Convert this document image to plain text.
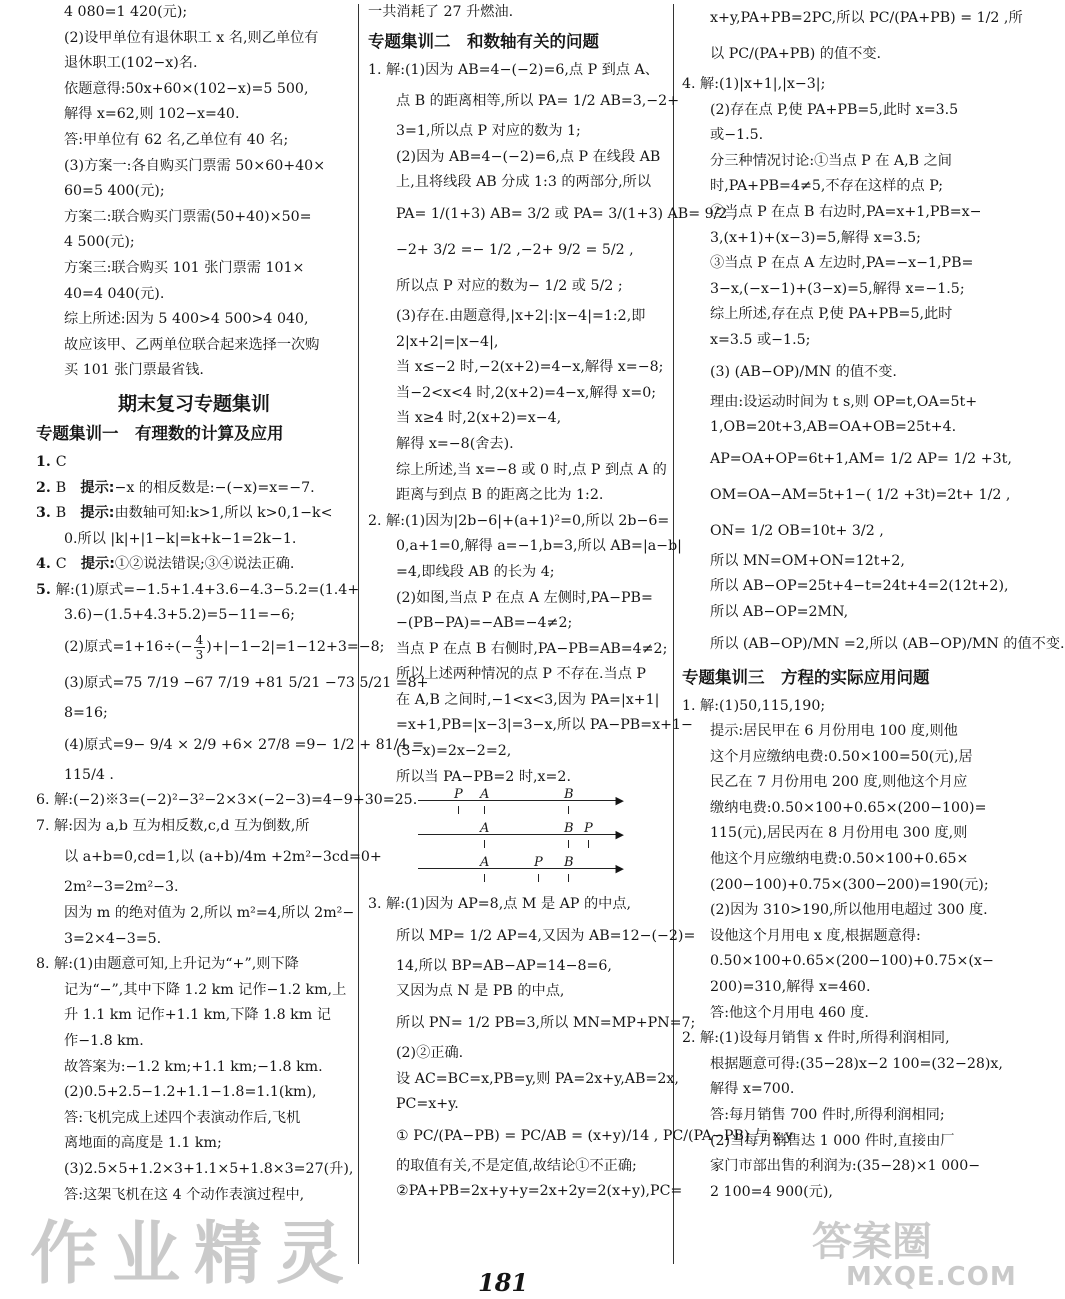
4 080=1 420(元);
(2)设甲单位有退休职工 x 名,则乙单位有
退休职工(102−x)名.
依题意得:50x+60×(102−x)=5 500,
解得 x=62,则 102−x=40.
答:甲单位有 62 名,乙单位有 40 名;
(3)方案一:各自购买门票需 50×60+40×
60=5 400(元);
方案二:联合购买门票需(50+40)×50=
4 500(元);
方案三:联合购买 101 张门票需 101×
40=4 040(元).
综上所述:因为 5 400>4 500>4 040,
故应该甲、乙两单位联合起来选择一次购
买 101 张门票最省钱.
期末复习专题集训
专题集训一　有理数的计算及应用
1. C
2. B　提示:−x 的相反数是:−(−x)=x=−7.
3. B　提示:由数轴可知:k>1,所以 k>0,1−k<
0.所以 |k|+|1−k|=k+k−1=2k−1.
4. C　提示:①②说法错误;③④说法正确.
5. 解:(1)原式=−1.5+1.4+3.6−4.3−5.2=(1.4+
3.6)−(1.5+4.3+5.2)=5−11=−6;
(2)原式$=1+16\div(- \frac{4}{3} )+|-1-2|=1-12+3=-8$;
(3)原式=75 7/19 −67 7/19 +81 5/21 −73 5/21 =8+
8=16;
(4)原式=9− 9/4 × 2/9 +6× 27/8 =9− 1/2 + 81/4 =
115/4 .
6. 解:(−2)※3=(−2)²−3²−2×3×(−2−3)=4−9+30=25.
7. 解:因为 a,b 互为相反数,c,d 互为倒数,所
以 a+b=0,cd=1,以 (a+b)/4m +2m²−3cd=0+
2m²−3=2m²−3.
因为 m 的绝对值为 2,所以 m²=4,所以 2m²−
3=2×4−3=5.
8. 解:(1)由题意可知,上升记为“+”,则下降
记为“−”,其中下降 1.2 km 记作−1.2 km,上
升 1.1 km 记作+1.1 km,下降 1.8 km 记
作−1.8 km.
故答案为:−1.2 km;+1.1 km;−1.8 km.
(2)0.5+2.5−1.2+1.1−1.8=1.1(km),
答:飞机完成上述四个表演动作后,飞机
离地面的高度是 1.1 km;
(3)2.5×5+1.2×3+1.1×5+1.8×3=27(升),
答:这架飞机在这 4 个动作表演过程中,
一共消耗了 27 升燃油.
专题集训二　和数轴有关的问题
1. 解:(1)因为 AB=4−(−2)=6,点 P 到点 A、
点 B 的距离相等,所以 PA= 1/2 AB=3,−2+
3=1,所以点 P 对应的数为 1;
(2)因为 AB=4−(−2)=6,点 P 在线段 AB
上,且将线段 AB 分成 1:3 的两部分,所以
PA= 1/(1+3) AB= 3/2 或 PA= 3/(1+3) AB= 9/2 ,
−2+ 3/2 =− 1/2 ,−2+ 9/2 = 5/2 ,
所以点 P 对应的数为− 1/2 或 5/2 ;
(3)存在.由题意得,|x+2|:|x−4|=1:2,即
2|x+2|=|x−4|,
当 x≤−2 时,−2(x+2)=4−x,解得 x=−8;
当−2<x<4 时,2(x+2)=4−x,解得 x=0;
当 x≥4 时,2(x+2)=x−4,
解得 x=−8(舍去).
综上所述,当 x=−8 或 0 时,点 P 到点 A 的
距离与到点 B 的距离之比为 1:2.
2. 解:(1)因为|2b−6|+(a+1)²=0,所以 2b−6=
0,a+1=0,解得 a=−1,b=3,所以 AB=|a−b|
=4,即线段 AB 的长为 4;
(2)如图,当点 P 在点 A 左侧时,PA−PB=
−(PB−PA)=−AB=−4≠2;
当点 P 在点 B 右侧时,PA−PB=AB=4≠2;
所以上述两种情况的点 P 不存在.当点 P
在 A,B 之间时,−1<x<3,因为 PA=|x+1|
=x+1,PB=|x−3|=3−x,所以 PA−PB=x+1−
(3−x)=2x−2=2,
所以当 PA−PB=2 时,x=2.
▶
P A	B
▶
A	B P
▶
A	P B
3. 解:(1)因为 AP=8,点 M 是 AP 的中点,
所以 MP= 1/2 AP=4,又因为 AB=12−(−2)=
14,所以 BP=AB−AP=14−8=6,
又因为点 N 是 PB 的中点,
所以 PN= 1/2 PB=3,所以 MN=MP+PN=7;
(2)②正确.
设 AC=BC=x,PB=y,则 PA=2x+y,AB=2x,
PC=x+y.
① PC/(PA−PB) = PC/AB = (x+y)/14 , PC/(PA−PB) 与 x,y
的取值有关,不是定值,故结论①不正确;
②PA+PB=2x+y+y=2x+2y=2(x+y),PC=
x+y,PA+PB=2PC,所以 PC/(PA+PB) = 1/2 ,所
以 PC/(PA+PB) 的值不变.
4. 解:(1)|x+1|,|x−3|;
(2)存在点 P,使 PA+PB=5,此时 x=3.5
或−1.5.
分三种情况讨论:①当点 P 在 A,B 之间
时,PA+PB=4≠5,不存在这样的点 P;
②当点 P 在点 B 右边时,PA=x+1,PB=x−
3,(x+1)+(x−3)=5,解得 x=3.5;
③当点 P 在点 A 左边时,PA=−x−1,PB=
3−x,(−x−1)+(3−x)=5,解得 x=−1.5;
综上所述,存在点 P,使 PA+PB=5,此时
x=3.5 或−1.5;
(3) (AB−OP)/MN 的值不变.
理由:设运动时间为 t s,则 OP=t,OA=5t+
1,OB=20t+3,AB=OA+OB=25t+4.
AP=OA+OP=6t+1,AM= 1/2 AP= 1/2 +3t,
OM=OA−AM=5t+1−( 1/2 +3t)=2t+ 1/2 ,
ON= 1/2 OB=10t+ 3/2 ,
所以 MN=OM+ON=12t+2,
所以 AB−OP=25t+4−t=24t+4=2(12t+2),
所以 AB−OP=2MN,
所以 (AB−OP)/MN =2,所以 (AB−OP)/MN 的值不变.
专题集训三　方程的实际应用问题
1. 解:(1)50,115,190;
提示:居民甲在 6 月份用电 100 度,则他
这个月应缴纳电费:0.50×100=50(元),居
民乙在 7 月份用电 200 度,则他这个月应
缴纳电费:0.50×100+0.65×(200−100)=
115(元),居民丙在 8 月份用电 300 度,则
他这个月应缴纳电费:0.50×100+0.65×
(200−100)+0.75×(300−200)=190(元);
(2)因为 310>190,所以他用电超过 300 度.
设他这个月用电 x 度,根据题意得:
0.50×100+0.65×(200−100)+0.75×(x−
200)=310,解得 x=460.
答:他这个月用电 460 度.
2. 解:(1)设每月销售 x 件时,所得利润相同,
根据题意可得:(35−28)x−2 100=(32−28)x,
解得 x=700.
答:每月销售 700 件时,所得利润相同;
(2)当每月销售达 1 000 件时,直接由厂
家门市部出售的利润为:(35−28)×1 000−
2 100=4 900(元),
181
作业精灵	答案圈
MXQE.COM
